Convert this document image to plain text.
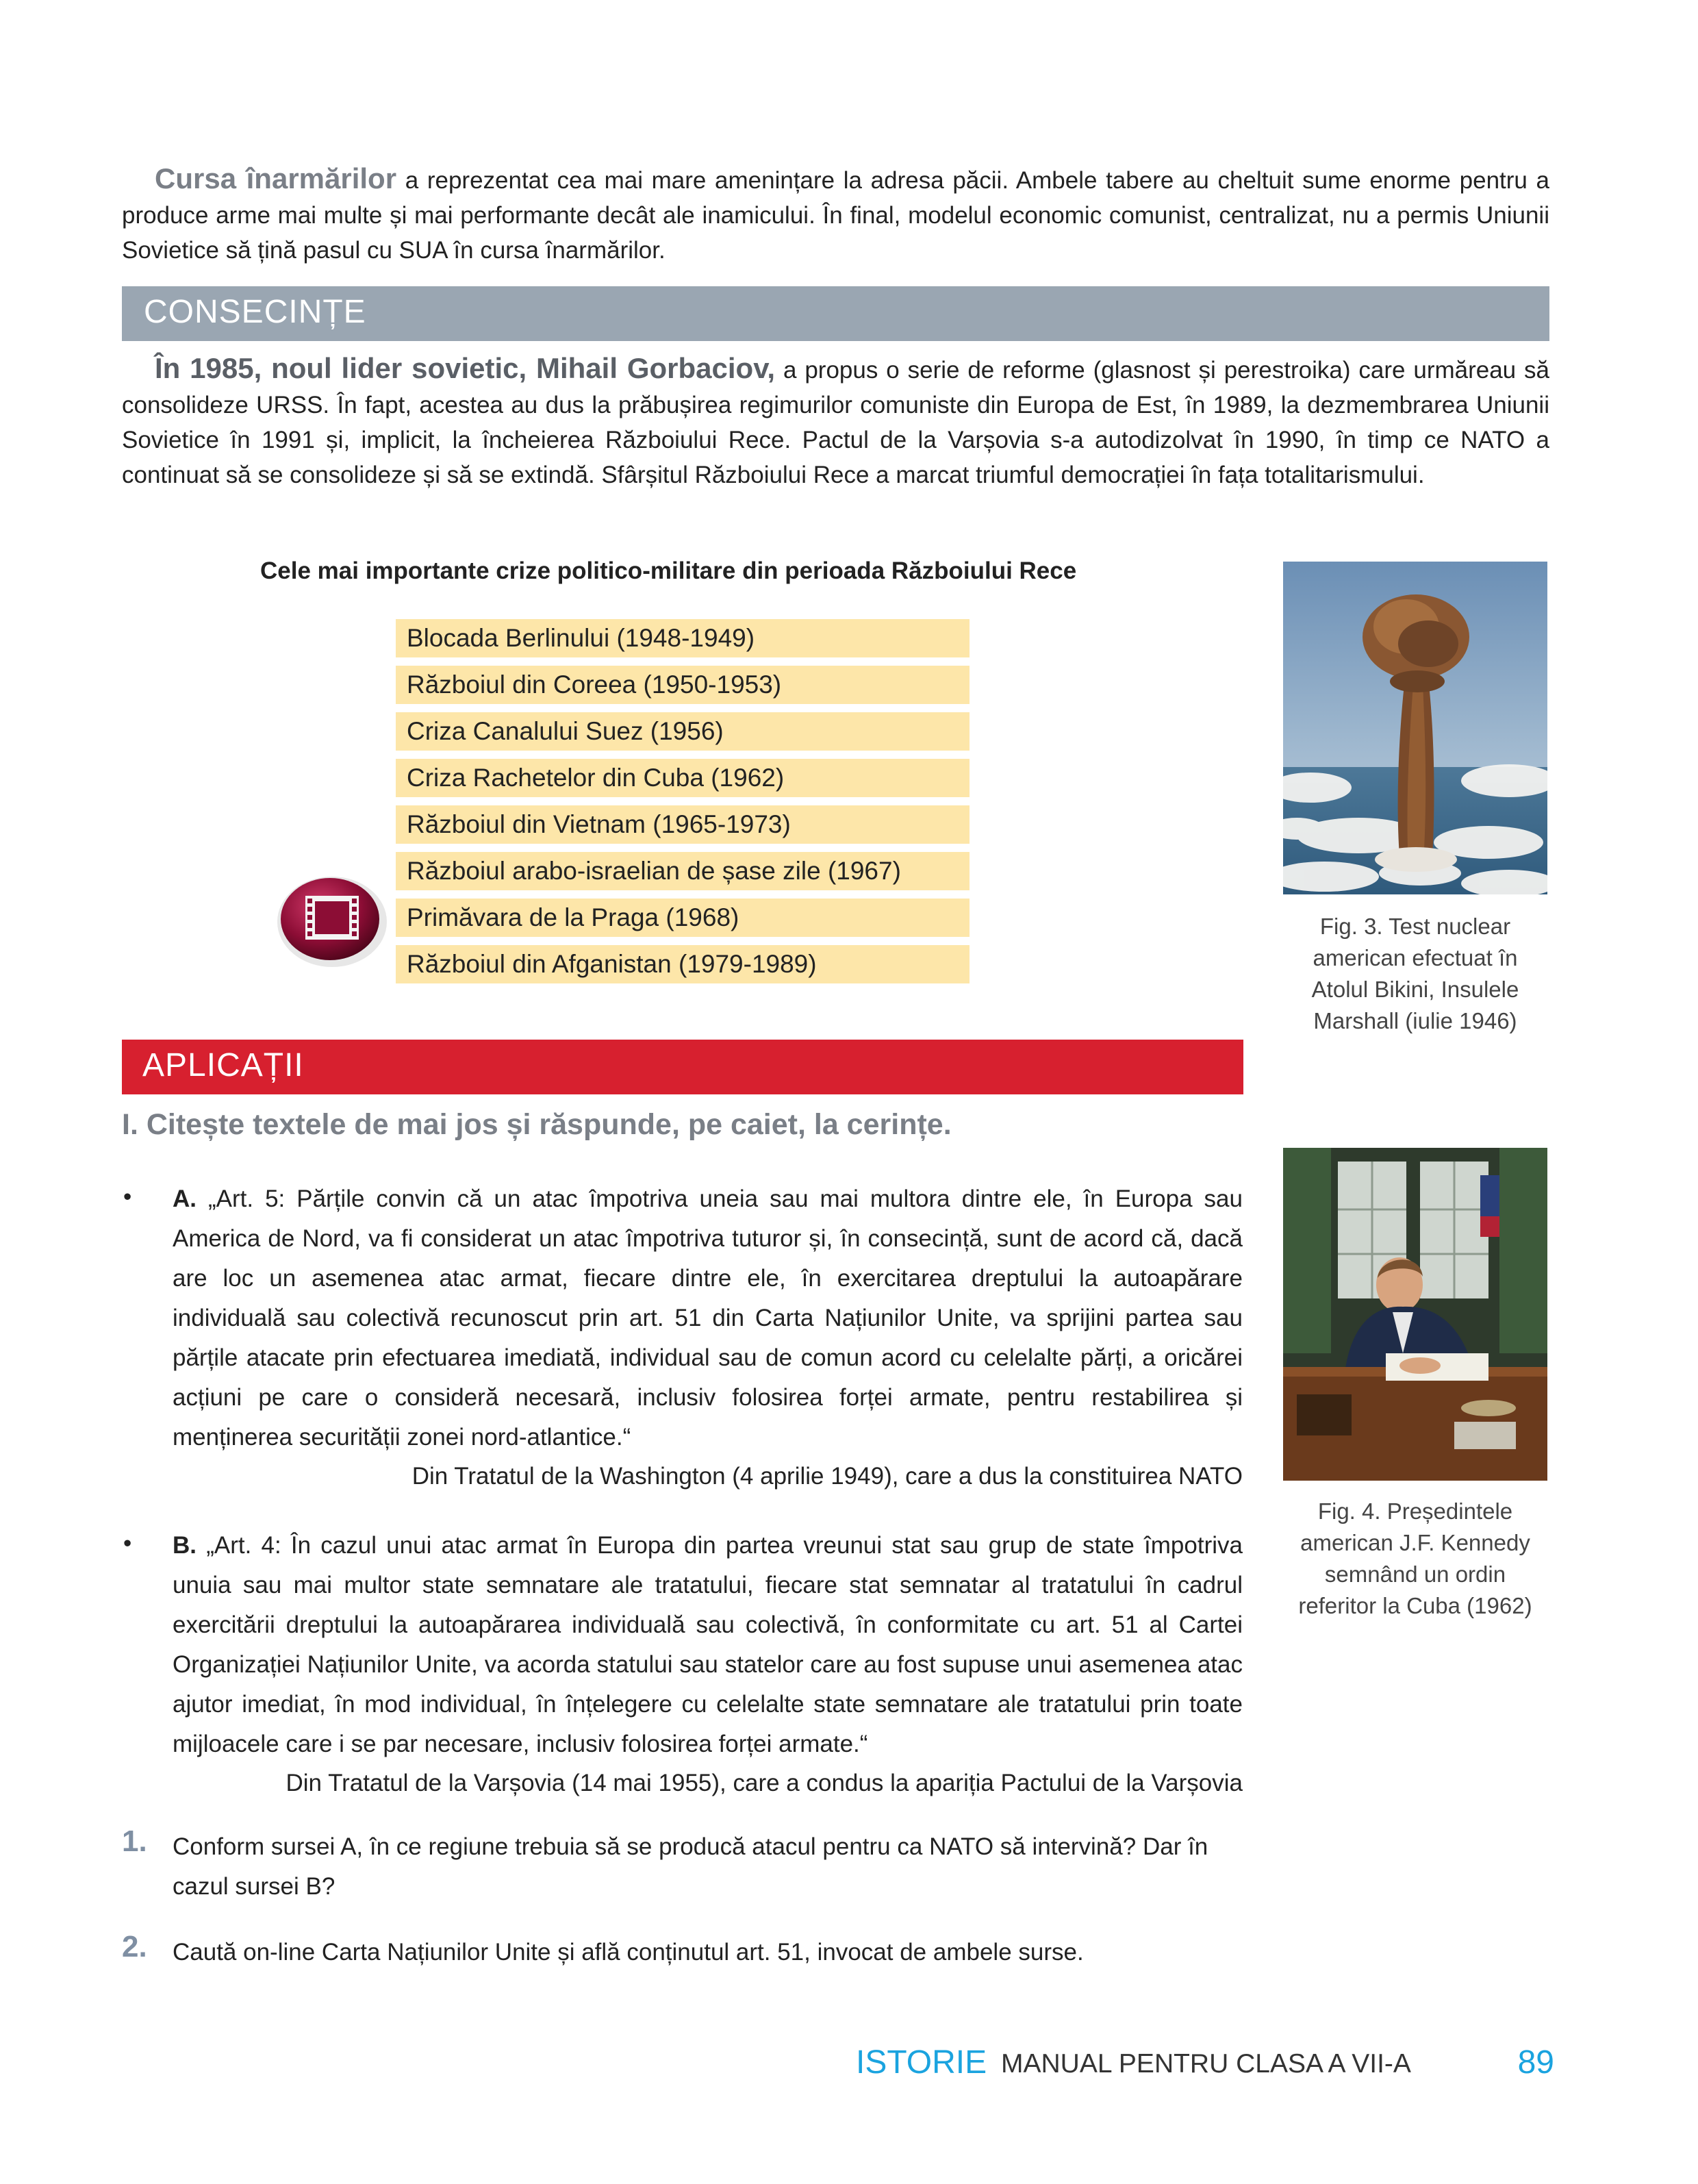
Cursa înarmărilor a reprezentat cea mai mare amenințare la adresa păcii. Ambele tabere au cheltuit sume enorme pentru a produce arme mai multe și mai performante decât ale inamicului. În final, modelul economic comunist, centralizat, nu a permis Uniunii Sovietice să țină pasul cu SUA în cursa înarmărilor.

CONSECINȚE

În 1985, noul lider sovietic, Mihail Gorbaciov, a propus o serie de reforme (glasnost și perestroika) care urmăreau să consolideze URSS. În fapt, acestea au dus la prăbușirea regimurilor comuniste din Europa de Est, în 1989, la dezmembrarea Uniunii Sovietice în 1991 și, implicit, la încheierea Războiului Rece. Pactul de la Varșovia s-a autodizolvat în 1990, în timp ce NATO a continuat să se consolideze și să se extindă. Sfârșitul Războiului Rece a marcat triumful democrației în fața totalitarismului.

Cele mai importante crize politico-militare din perioada Războiului Rece
Blocada Berlinului (1948-1949)
Războiul din Coreea (1950-1953)
Criza Canalului Suez (1956)
Criza Rachetelor din Cuba (1962)
Războiul din Vietnam (1965-1973)
Războiul arabo-israelian de șase zile (1967)
Primăvara de la Praga (1968)
Războiul din Afganistan (1979-1989)
Fig. 3. Test nuclear american efectuat în Atolul Bikini, Insulele Marshall (iulie 1946)
APLICAȚII
I. Citește textele de mai jos și răspunde, pe caiet, la cerințe.
• A. „Art. 5: Părțile convin că un atac împotriva uneia sau mai multora dintre ele, în Europa sau America de Nord, va fi considerat un atac împotriva tuturor și, în consecință, sunt de acord că, dacă are loc un asemenea atac armat, fiecare dintre ele, în exercitarea dreptului la autoapărare individuală sau colectivă recunoscut prin art. 51 din Carta Națiunilor Unite, va sprijini partea sau părțile atacate prin efectuarea imediată, individual sau de comun acord cu celelalte părți, a oricărei acțiuni pe care o consideră necesară, inclusiv folosirea forței armate, pentru restabilirea și menținerea securității zonei nord-atlantice.“

Din Tratatul de la Washington (4 aprilie 1949), care a dus la constituirea NATO
• B. „Art. 4: În cazul unui atac armat în Europa din partea vreunui stat sau grup de state împotriva unuia sau mai multor state semnatare ale tratatului, fiecare stat semnatar al tratatului în cadrul exercitării dreptului la autoapărarea individuală sau colectivă, în conformitate cu art. 51 al Cartei Organizației Națiunilor Unite, va acorda statului sau statelor care au fost supuse unui asemenea atac ajutor imediat, în mod individual, în înțelegere cu celelalte state semnatare ale tratatului prin toate mijloacele care i se par necesare, inclusiv folosirea forței armate.“

Din Tratatul de la Varșovia (14 mai 1955), care a condus la apariția Pactului de la Varșovia
1. Conform sursei A, în ce regiune trebuia să se producă atacul pentru ca NATO să intervină? Dar în cazul sursei B?
2. Caută on-line Carta Națiunilor Unite și află conținutul art. 51, invocat de ambele surse.
Fig. 4. Președintele american J.F. Kennedy semnând un ordin referitor la Cuba (1962)
ISTORIE MANUAL PENTRU CLASA A VII-A	89
